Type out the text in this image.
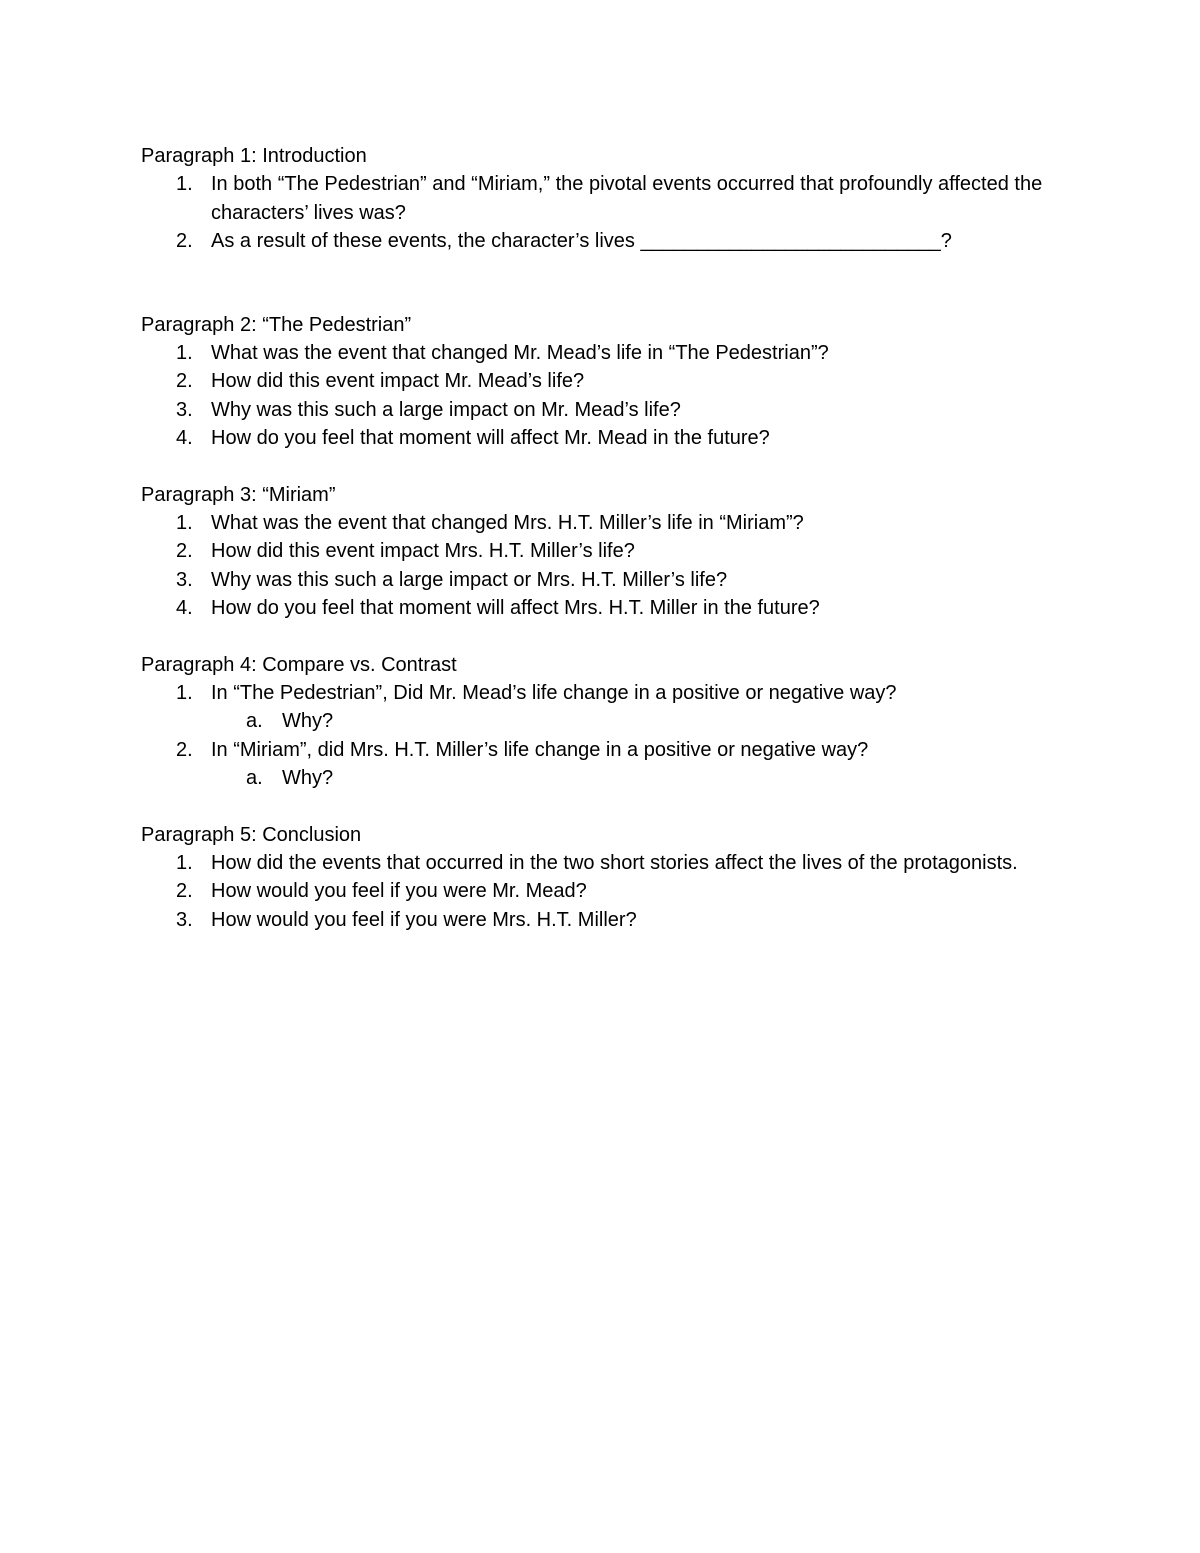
Paragraph 1: Introduction
1. In both “The Pedestrian” and “Miriam,” the pivotal events occurred that profoundly affected the characters’ lives was?
2. As a result of these events, the character’s lives ___________________________?
Paragraph 2: “The Pedestrian”
1. What was the event that changed Mr. Mead’s life in “The Pedestrian”?
2. How did this event impact Mr. Mead’s life?
3. Why was this such a large impact on Mr. Mead’s life?
4. How do you feel that moment will affect Mr. Mead in the future?
Paragraph 3: “Miriam”
1. What was the event that changed Mrs. H.T. Miller’s life in “Miriam”?
2. How did this event impact Mrs. H.T. Miller’s life?
3. Why was this such a large impact or Mrs. H.T. Miller’s life?
4. How do you feel that moment will affect Mrs. H.T. Miller in the future?
Paragraph 4: Compare vs. Contrast
1. In “The Pedestrian”, Did Mr. Mead’s life change in a positive or negative way?
a. Why?
2. In “Miriam”, did Mrs. H.T. Miller’s life change in a positive or negative way?
a. Why?
Paragraph 5: Conclusion
1. How did the events that occurred in the two short stories affect the lives of the protagonists.
2. How would you feel if you were Mr. Mead?
3. How would you feel if you were Mrs. H.T. Miller?
